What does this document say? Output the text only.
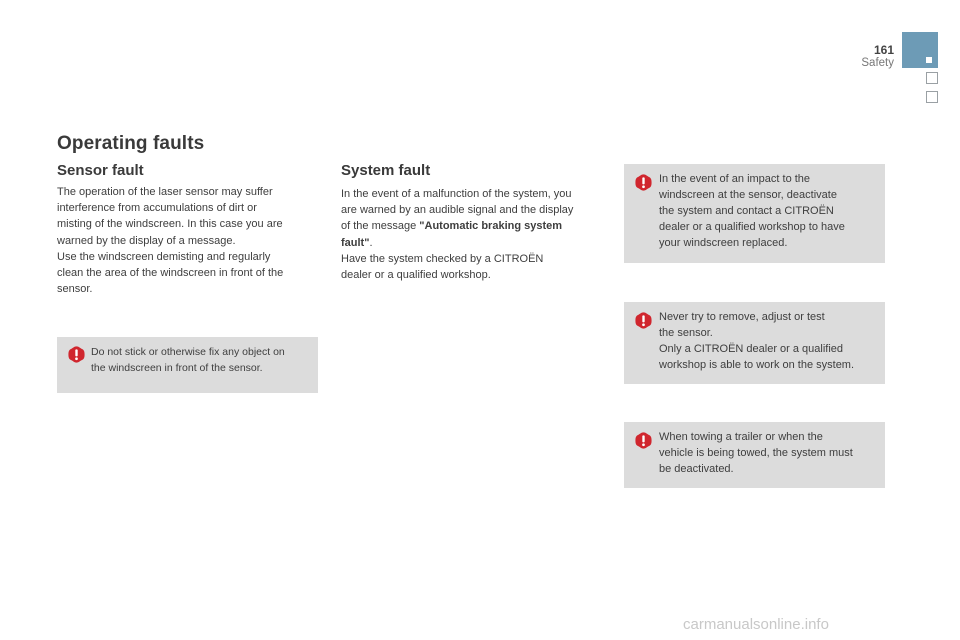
161
Safety
Operating faults
Sensor fault
The operation of the laser sensor may suffer
interference from accumulations of dirt or
misting of the windscreen. In this case you are
warned by the display of a message.
Use the windscreen demisting and regularly
clean the area of the windscreen in front of the
sensor.
Do not stick or otherwise fix any object on
the windscreen in front of the sensor.
System fault
In the event of a malfunction of the system, you
are warned by an audible signal and the display
of the message "Automatic braking system
fault".
Have the system checked by a CITROËN
dealer or a qualified workshop.
In the event of an impact to the
windscreen at the sensor, deactivate
the system and contact a CITROËN
dealer or a qualified workshop to have
your windscreen replaced.
Never try to remove, adjust or test
the sensor.
Only a CITROËN dealer or a qualified
workshop is able to work on the system.
When towing a trailer or when the
vehicle is being towed, the system must
be deactivated.
carmanualsonline.info
